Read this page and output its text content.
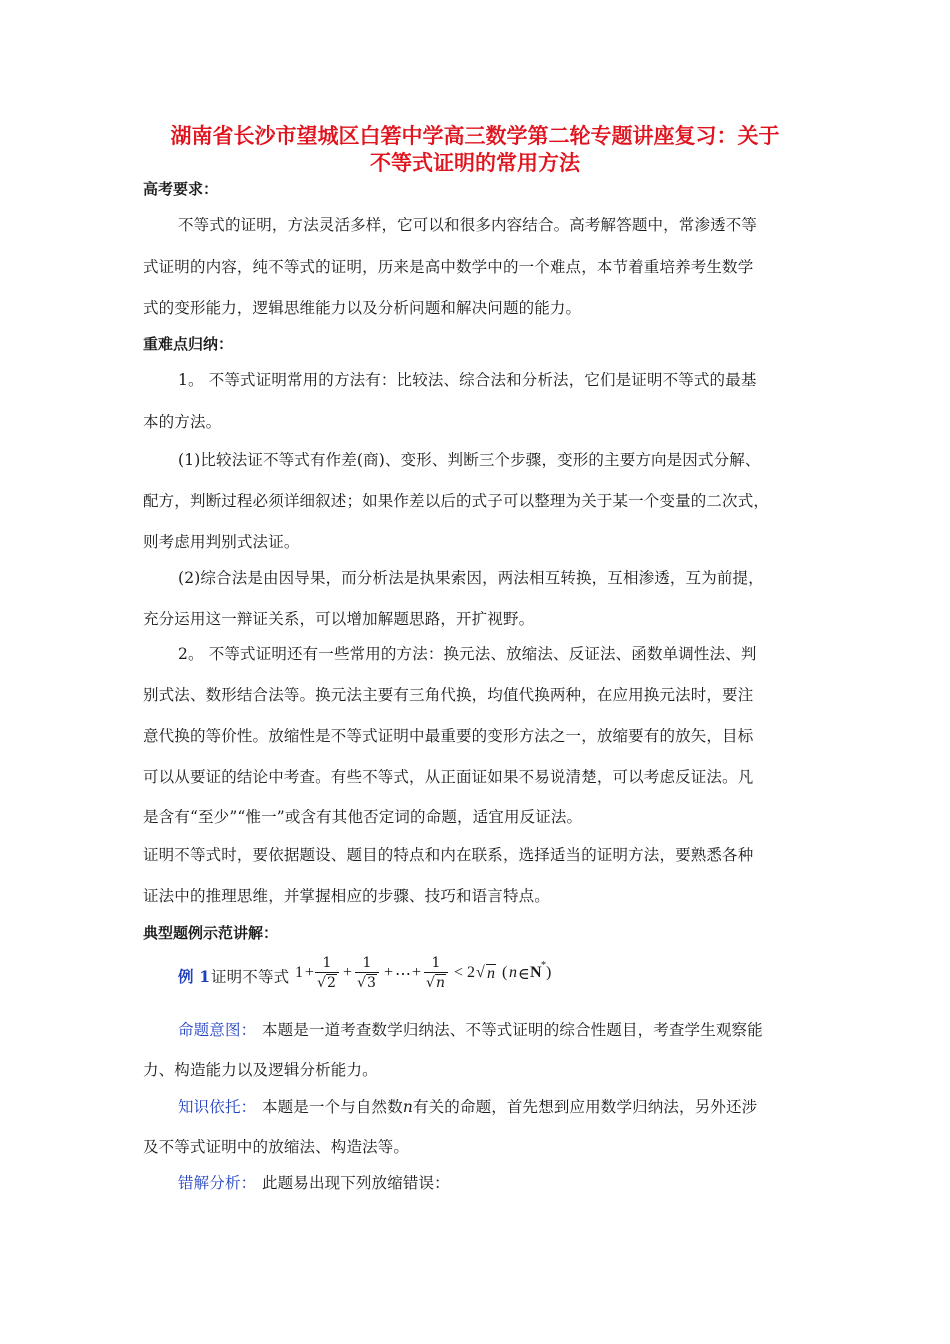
湖南省长沙市望城区白箬中学高三数学第二轮专题讲座复习：关于
不等式证明的常用方法
高考要求：
不等式的证明，方法灵活多样，它可以和很多内容结合。高考解答题中，常渗透不等
式证明的内容，纯不等式的证明，历来是高中数学中的一个难点，本节着重培养考生数学
式的变形能力，逻辑思维能力以及分析问题和解决问题的能力。
重难点归纳：
1。 不等式证明常用的方法有：比较法、综合法和分析法，它们是证明不等式的最基
本的方法。
(1)比较法证不等式有作差(商)、变形、判断三个步骤，变形的主要方向是因式分解、
配方，判断过程必须详细叙述；如果作差以后的式子可以整理为关于某一个变量的二次式，
则考虑用判别式法证。
(2)综合法是由因导果，而分析法是执果索因，两法相互转换，互相渗透，互为前提，
充分运用这一辩证关系，可以增加解题思路，开扩视野。
2。 不等式证明还有一些常用的方法：换元法、放缩法、反证法、函数单调性法、判
别式法、数形结合法等。换元法主要有三角代换，均值代换两种，在应用换元法时，要注
意代换的等价性。放缩性是不等式证明中最重要的变形方法之一，放缩要有的放矢，目标
可以从要证的结论中考查。有些不等式，从正面证如果不易说清楚，可以考虑反证法。凡
是含有“至少”“惟一”或含有其他否定词的命题，适宜用反证法。
证明不等式时，要依据题设、题目的特点和内在联系，选择适当的证明方法，要熟悉各种
证法中的推理思维，并掌握相应的步骤、技巧和语言特点。
典型题例示范讲解：
例 1 证明不等式 1 +
1
√2
+
1
√3
+ ⋯ +
1
√n
< 2 √ n ( n ∈ N * )
命题意图： 本题是一道考查数学归纳法、不等式证明的综合性题目，考查学生观察能
力、构造能力以及逻辑分析能力。
知识依托： 本题是一个与自然数n有关的命题，首先想到应用数学归纳法，另外还涉
及不等式证明中的放缩法、构造法等。
错解分析： 此题易出现下列放缩错误：
